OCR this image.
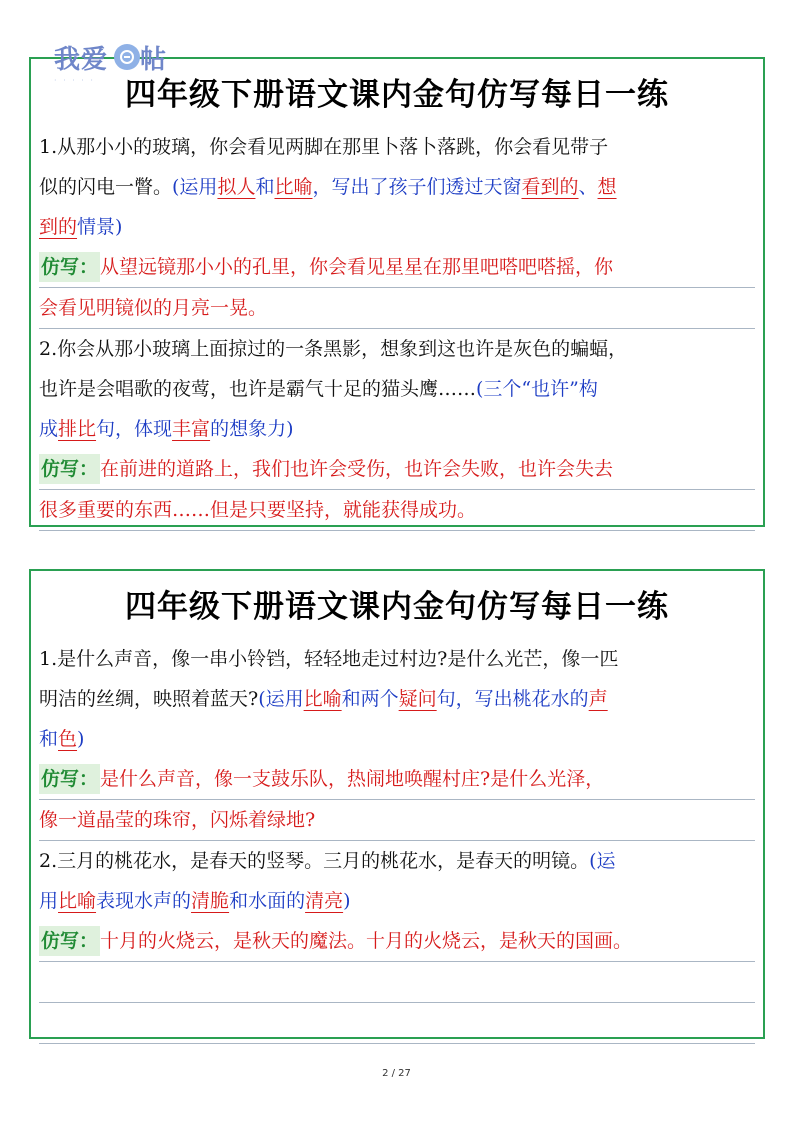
我爱 帖
· · · · · 四年级下册语文课内金句仿写每日一练
1.从那小小的玻璃，你会看见两脚在那里卜落卜落跳，你会看见带子
似的闪电一瞥。(运用拟人和比喻，写出了孩子们透过天窗看到的、想
到的情景)
仿写： 从望远镜那小小的孔里，你会看见星星在那里吧嗒吧嗒摇，你
会看见明镜似的月亮一晃。
2.你会从那小玻璃上面掠过的一条黑影，想象到这也许是灰色的蝙蝠，
也许是会唱歌的夜莺，也许是霸气十足的猫头鹰……(三个“也许”构
成排比句，体现丰富的想象力)
仿写： 在前进的道路上，我们也许会受伤，也许会失败，也许会失去
很多重要的东西……但是只要坚持，就能获得成功。
四年级下册语文课内金句仿写每日一练
1.是什么声音，像一串小铃铛，轻轻地走过村边?是什么光芒，像一匹
明洁的丝绸，映照着蓝天?(运用比喻和两个疑问句，写出桃花水的声
和色)
仿写： 是什么声音，像一支鼓乐队，热闹地唤醒村庄?是什么光泽，
像一道晶莹的珠帘，闪烁着绿地?
2.三月的桃花水，是春天的竖琴。三月的桃花水，是春天的明镜。(运
用比喻表现水声的清脆和水面的清亮)
仿写： 十月的火烧云，是秋天的魔法。十月的火烧云，是秋天的国画。
2 / 27
